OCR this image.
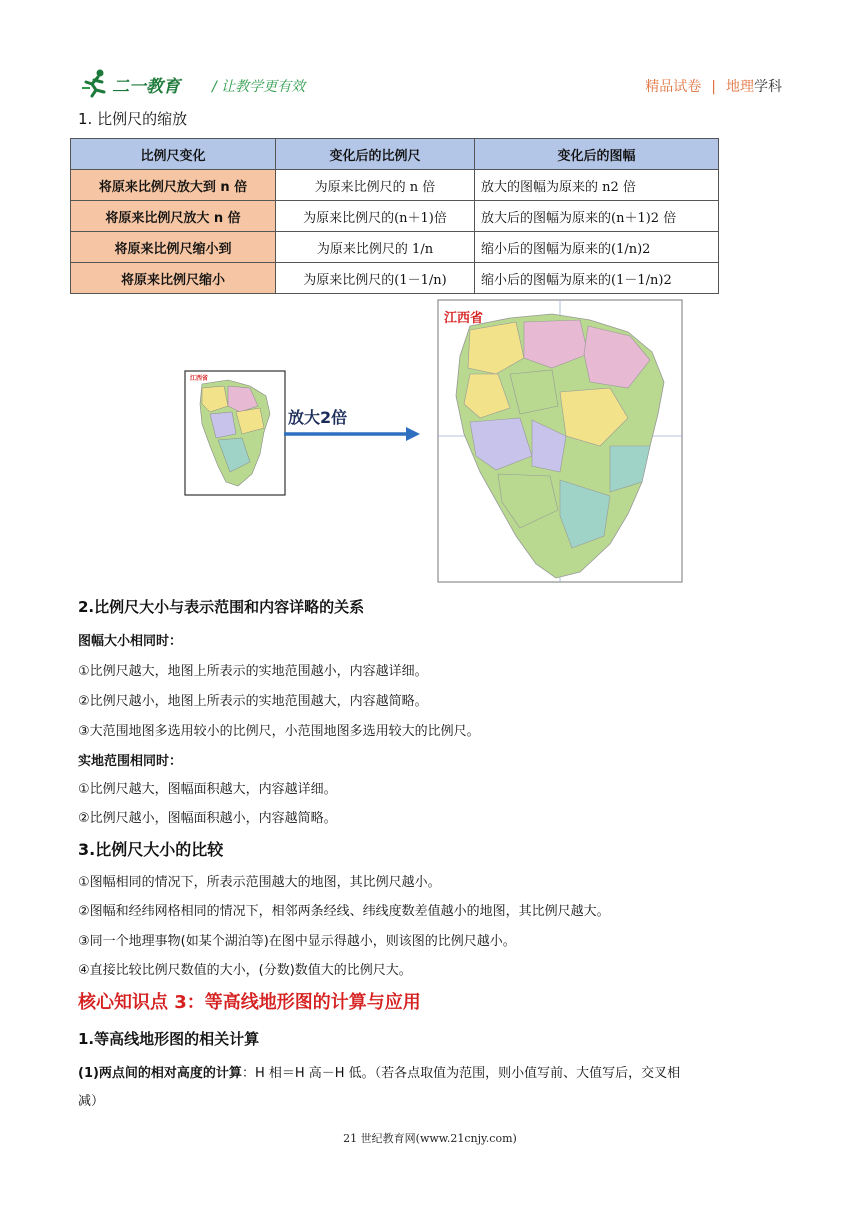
二一教育 / 让教学更有效	精品试卷 | 地理学科
1. 比例尺的缩放
比例尺变化	变化后的比例尺	变化后的图幅
将原来比例尺放大到 n 倍	为原来比例尺的 n 倍	放大的图幅为原来的 n2 倍
将原来比例尺放大 n 倍	为原来比例尺的(n＋1)倍	放大后的图幅为原来的(n＋1)2 倍
将原来比例尺缩小到	为原来比例尺的 1/n	缩小后的图幅为原来的(1/n)2
将原来比例尺缩小	为原来比例尺的(1－1/n)	缩小后的图幅为原来的(1－1/n)2
江西省
放大2倍
江西省
2.比例尺大小与表示范围和内容详略的关系
图幅大小相同时：
①比例尺越大，地图上所表示的实地范围越小，内容越详细。
②比例尺越小，地图上所表示的实地范围越大，内容越简略。
③大范围地图多选用较小的比例尺，小范围地图多选用较大的比例尺。
实地范围相同时：
①比例尺越大，图幅面积越大，内容越详细。
②比例尺越小，图幅面积越小，内容越简略。
3.比例尺大小的比较
①图幅相同的情况下，所表示范围越大的地图，其比例尺越小。
②图幅和经纬网格相同的情况下，相邻两条经线、纬线度数差值越小的地图，其比例尺越大。
③同一个地理事物(如某个湖泊等)在图中显示得越小，则该图的比例尺越小。
④直接比较比例尺数值的大小，(分数)数值大的比例尺大。
核心知识点 3：等高线地形图的计算与应用
1.等高线地形图的相关计算
(1)两点间的相对高度的计算：H 相＝H 高－H 低。（若各点取值为范围，则小值写前、大值写后，交叉相
减）
21 世纪教育网(www.21cnjy.com)
